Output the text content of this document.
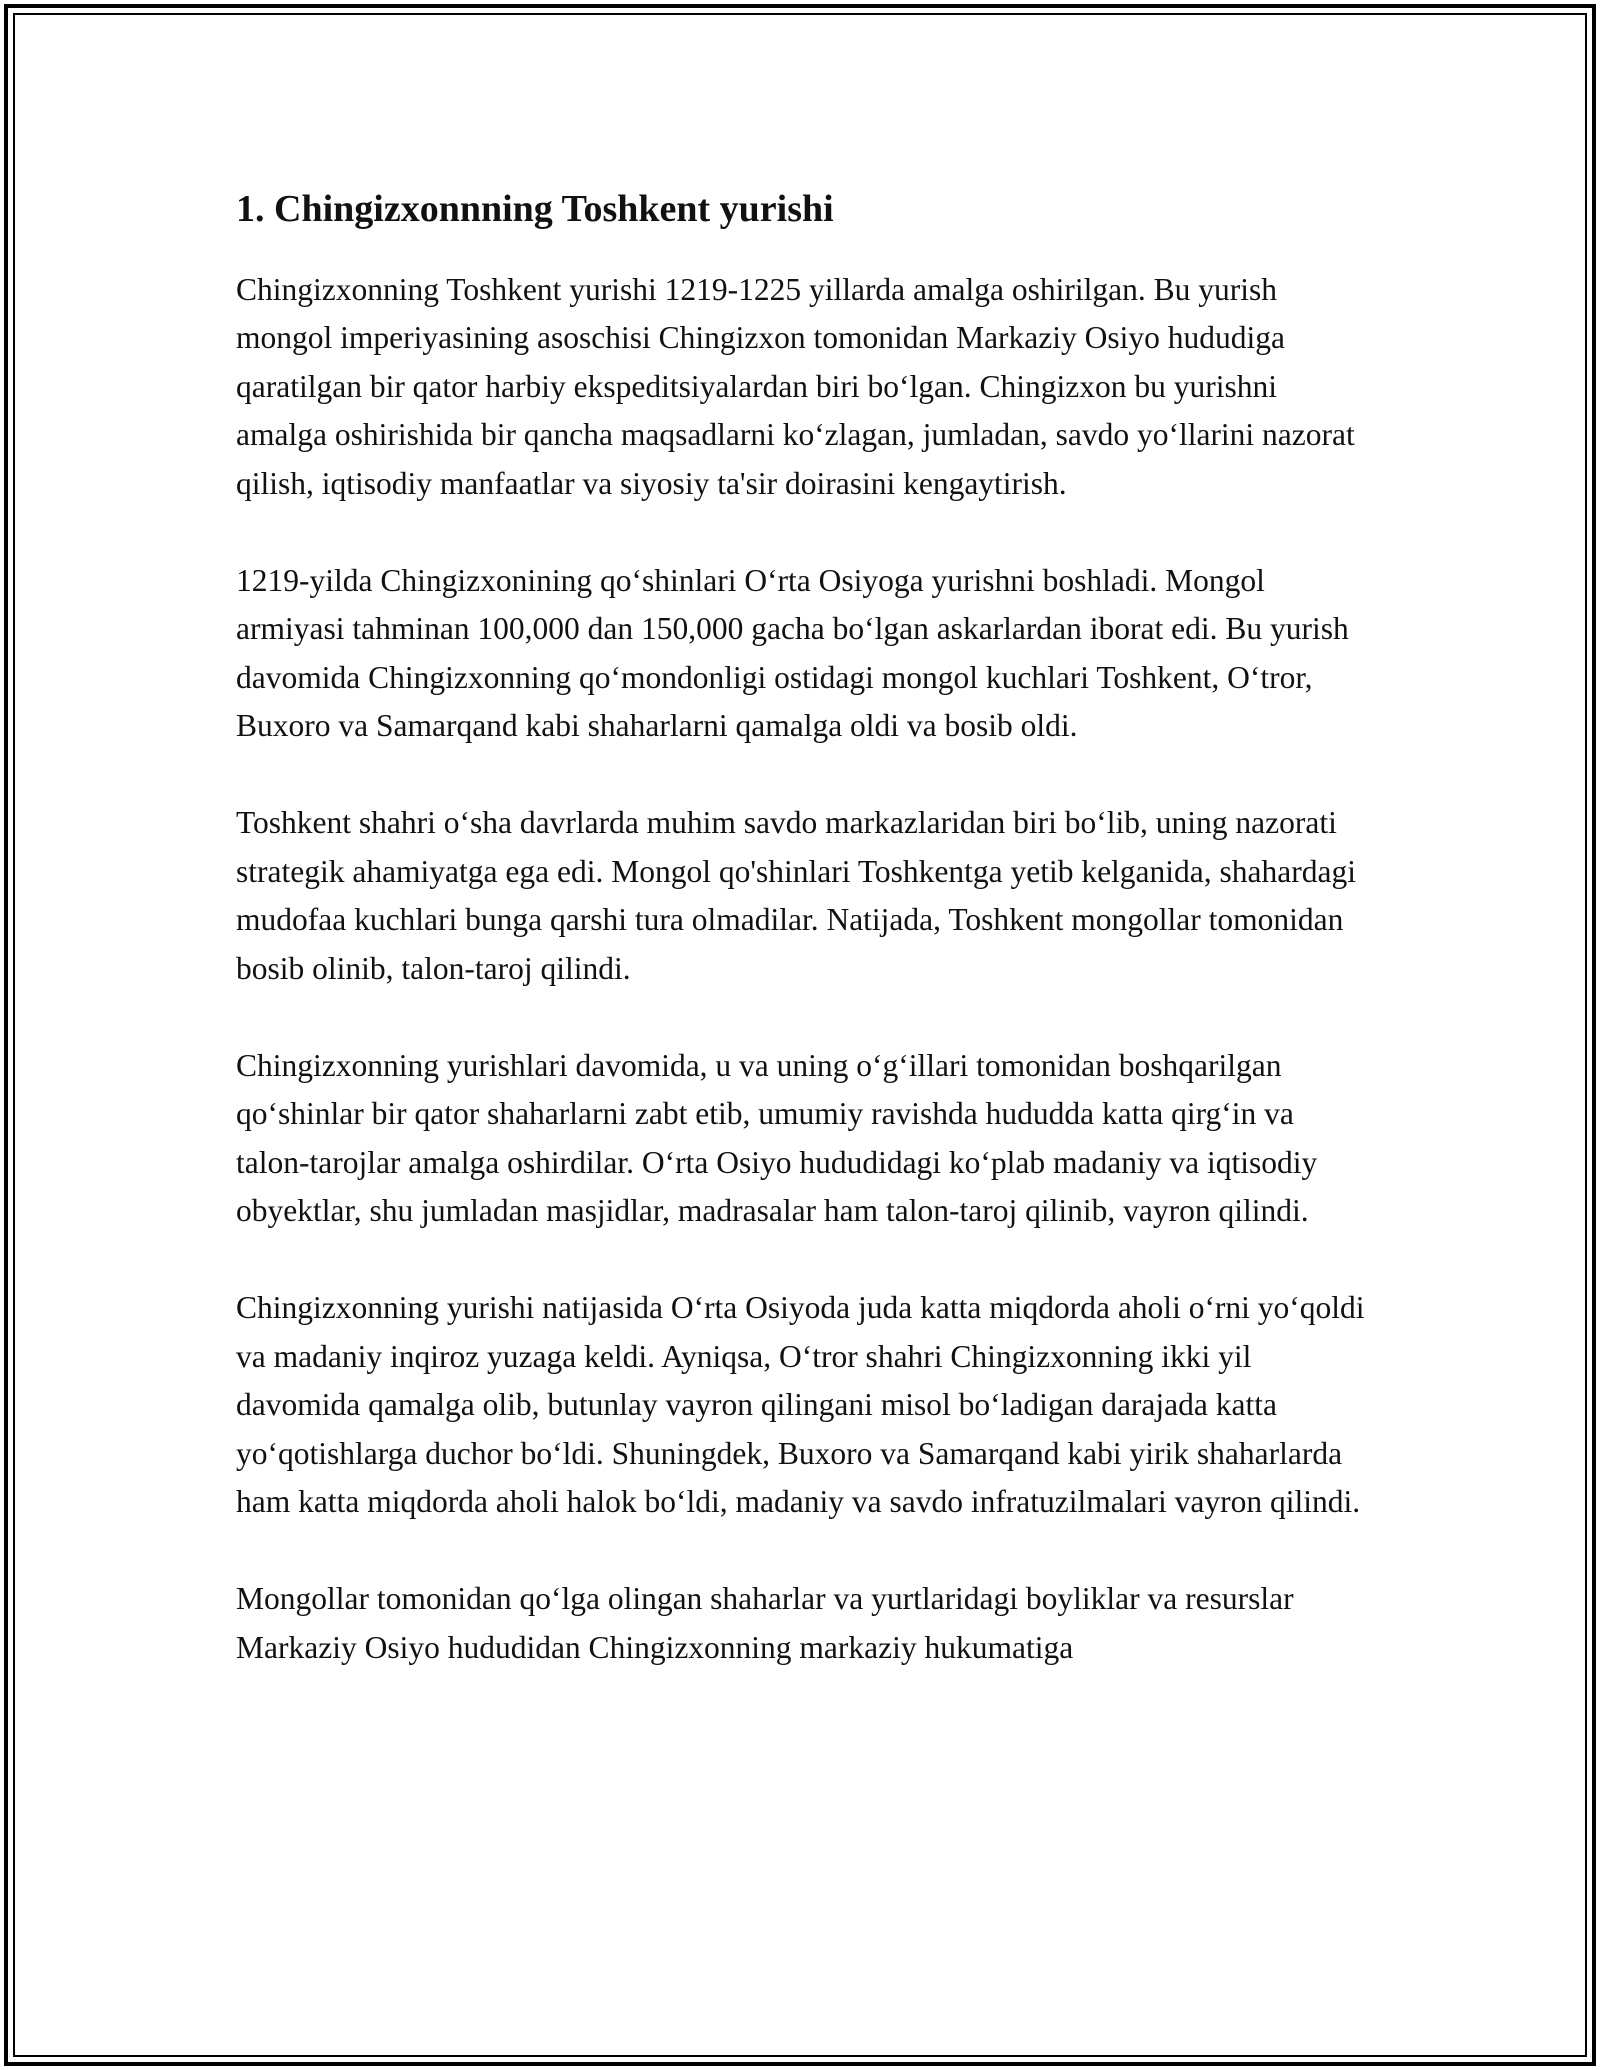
1. Chingizxonnning Toshkent yurishi

Chingizxonning Toshkent yurishi 1219-1225 yillarda amalga oshirilgan. Bu yurish mongol imperiyasining asoschisi Chingizxon tomonidan Markaziy Osiyo hududiga qaratilgan bir qator harbiy ekspeditsiyalardan biri bo‘lgan. Chingizxon bu yurishni amalga oshirishida bir qancha maqsadlarni ko‘zlagan, jumladan, savdo yo‘llarini nazorat qilish, iqtisodiy manfaatlar va siyosiy ta'sir doirasini kengaytirish.

1219-yilda Chingizxonining qo‘shinlari O‘rta Osiyoga yurishni boshladi. Mongol armiyasi tahminan 100,000 dan 150,000 gacha bo‘lgan askarlardan iborat edi. Bu yurish davomida Chingizxonning qo‘mondonligi ostidagi mongol kuchlari Toshkent, O‘tror, Buxoro va Samarqand kabi shaharlarni qamalga oldi va bosib oldi.

Toshkent shahri o‘sha davrlarda muhim savdo markazlaridan biri bo‘lib, uning nazorati strategik ahamiyatga ega edi. Mongol qo'shinlari Toshkentga yetib kelganida, shahardagi mudofaa kuchlari bunga qarshi tura olmadilar. Natijada, Toshkent mongollar tomonidan bosib olinib, talon-taroj qilindi.

Chingizxonning yurishlari davomida, u va uning o‘g‘illari tomonidan boshqarilgan qo‘shinlar bir qator shaharlarni zabt etib, umumiy ravishda hududda katta qirg‘in va talon-tarojlar amalga oshirdilar. O‘rta Osiyo hududidagi ko‘plab madaniy va iqtisodiy obyektlar, shu jumladan masjidlar, madrasalar ham talon-taroj qilinib, vayron qilindi.

Chingizxonning yurishi natijasida O‘rta Osiyoda juda katta miqdorda aholi o‘rni yo‘qoldi va madaniy inqiroz yuzaga keldi. Ayniqsa, O‘tror shahri Chingizxonning ikki yil davomida qamalga olib, butunlay vayron qilingani misol bo‘ladigan darajada katta yo‘qotishlarga duchor bo‘ldi. Shuningdek, Buxoro va Samarqand kabi yirik shaharlarda ham katta miqdorda aholi halok bo‘ldi, madaniy va savdo infratuzilmalari vayron qilindi.

Mongollar tomonidan qo‘lga olingan shaharlar va yurtlaridagi boyliklar va resurslar Markaziy Osiyo hududidan Chingizxonning markaziy hukumatiga
